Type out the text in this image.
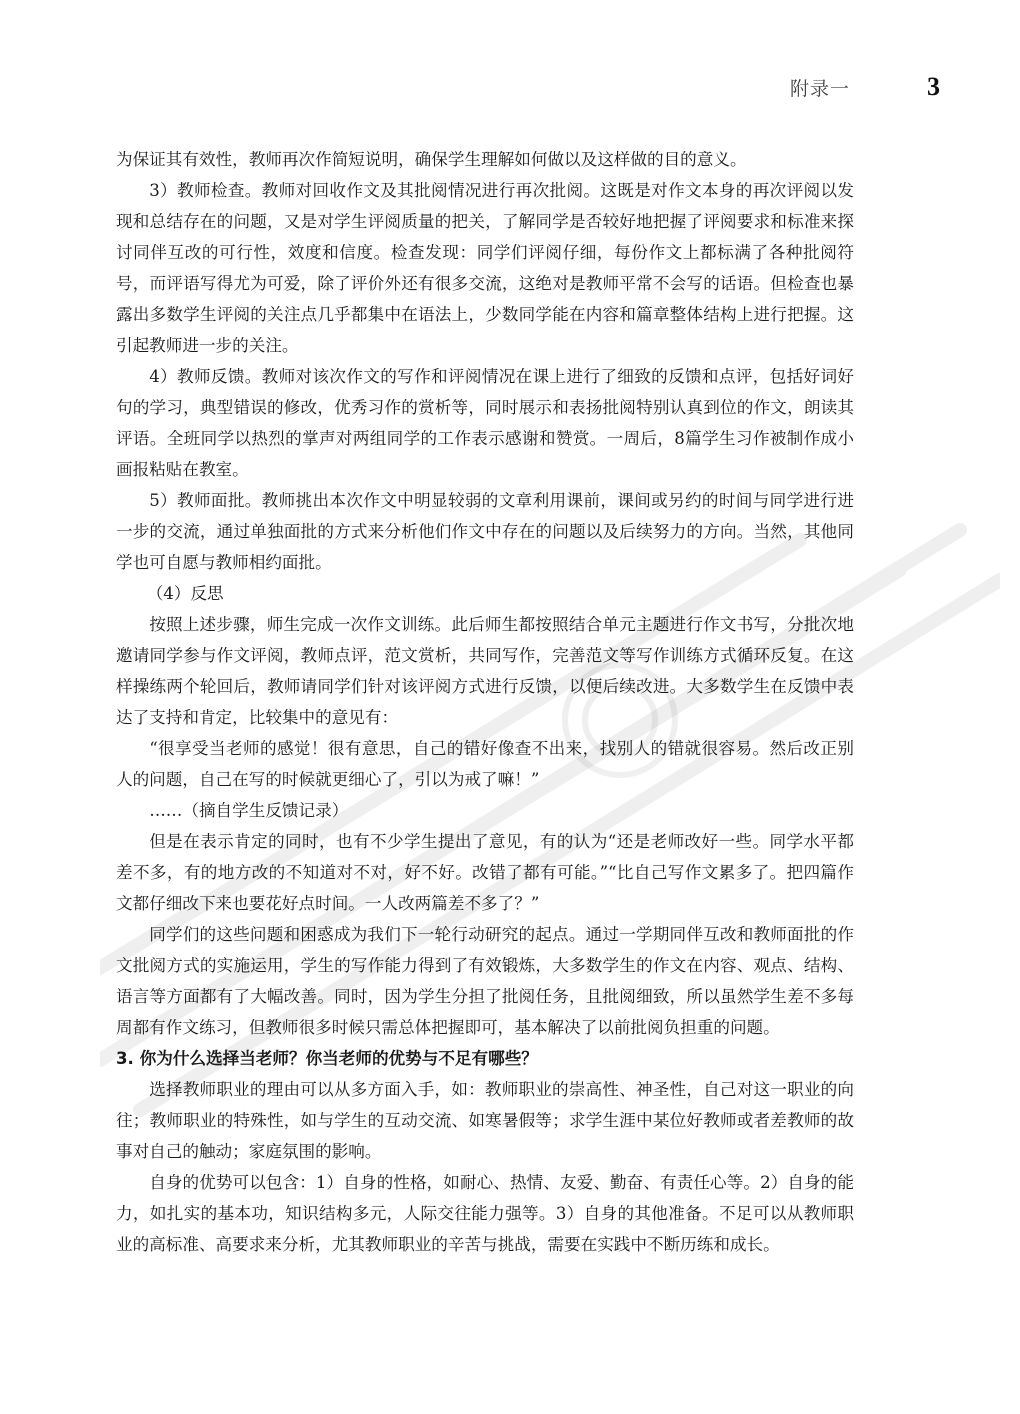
附录一	3

为保证其有效性，教师再次作简短说明，确保学生理解如何做以及这样做的目的意义。

3）教师检查。教师对回收作文及其批阅情况进行再次批阅。这既是对作文本身的再次评阅以发现和总结存在的问题，又是对学生评阅质量的把关，了解同学是否较好地把握了评阅要求和标准来探讨同伴互改的可行性，效度和信度。检查发现：同学们评阅仔细，每份作文上都标满了各种批阅符号，而评语写得尤为可爱，除了评价外还有很多交流，这绝对是教师平常不会写的话语。但检查也暴露出多数学生评阅的关注点几乎都集中在语法上，少数同学能在内容和篇章整体结构上进行把握。这引起教师进一步的关注。

4）教师反馈。教师对该次作文的写作和评阅情况在课上进行了细致的反馈和点评，包括好词好句的学习，典型错误的修改，优秀习作的赏析等，同时展示和表扬批阅特别认真到位的作文，朗读其评语。全班同学以热烈的掌声对两组同学的工作表示感谢和赞赏。一周后，8篇学生习作被制作成小画报粘贴在教室。

5）教师面批。教师挑出本次作文中明显较弱的文章利用课前，课间或另约的时间与同学进行进一步的交流，通过单独面批的方式来分析他们作文中存在的问题以及后续努力的方向。当然，其他同学也可自愿与教师相约面批。

（4）反思

按照上述步骤，师生完成一次作文训练。此后师生都按照结合单元主题进行作文书写，分批次地邀请同学参与作文评阅，教师点评，范文赏析，共同写作，完善范文等写作训练方式循环反复。在这样操练两个轮回后，教师请同学们针对该评阅方式进行反馈，以便后续改进。大多数学生在反馈中表达了支持和肯定，比较集中的意见有：

“很享受当老师的感觉！很有意思，自己的错好像查不出来，找别人的错就很容易。然后改正别人的问题，自己在写的时候就更细心了，引以为戒了嘛！”

……（摘自学生反馈记录）

但是在表示肯定的同时，也有不少学生提出了意见，有的认为“还是老师改好一些。同学水平都差不多，有的地方改的不知道对不对，好不好。改错了都有可能。”“比自己写作文累多了。把四篇作文都仔细改下来也要花好点时间。一人改两篇差不多了？”

同学们的这些问题和困惑成为我们下一轮行动研究的起点。通过一学期同伴互改和教师面批的作文批阅方式的实施运用，学生的写作能力得到了有效锻炼，大多数学生的作文在内容、观点、结构、语言等方面都有了大幅改善。同时，因为学生分担了批阅任务，且批阅细致，所以虽然学生差不多每周都有作文练习，但教师很多时候只需总体把握即可，基本解决了以前批阅负担重的问题。

3. 你为什么选择当老师？你当老师的优势与不足有哪些？

选择教师职业的理由可以从多方面入手，如：教师职业的崇高性、神圣性，自己对这一职业的向往；教师职业的特殊性，如与学生的互动交流、如寒暑假等；求学生涯中某位好教师或者差教师的故事对自己的触动；家庭氛围的影响。

自身的优势可以包含：1）自身的性格，如耐心、热情、友爱、勤奋、有责任心等。2）自身的能力，如扎实的基本功，知识结构多元，人际交往能力强等。3）自身的其他准备。不足可以从教师职业的高标准、高要求来分析，尤其教师职业的辛苦与挑战，需要在实践中不断历练和成长。
